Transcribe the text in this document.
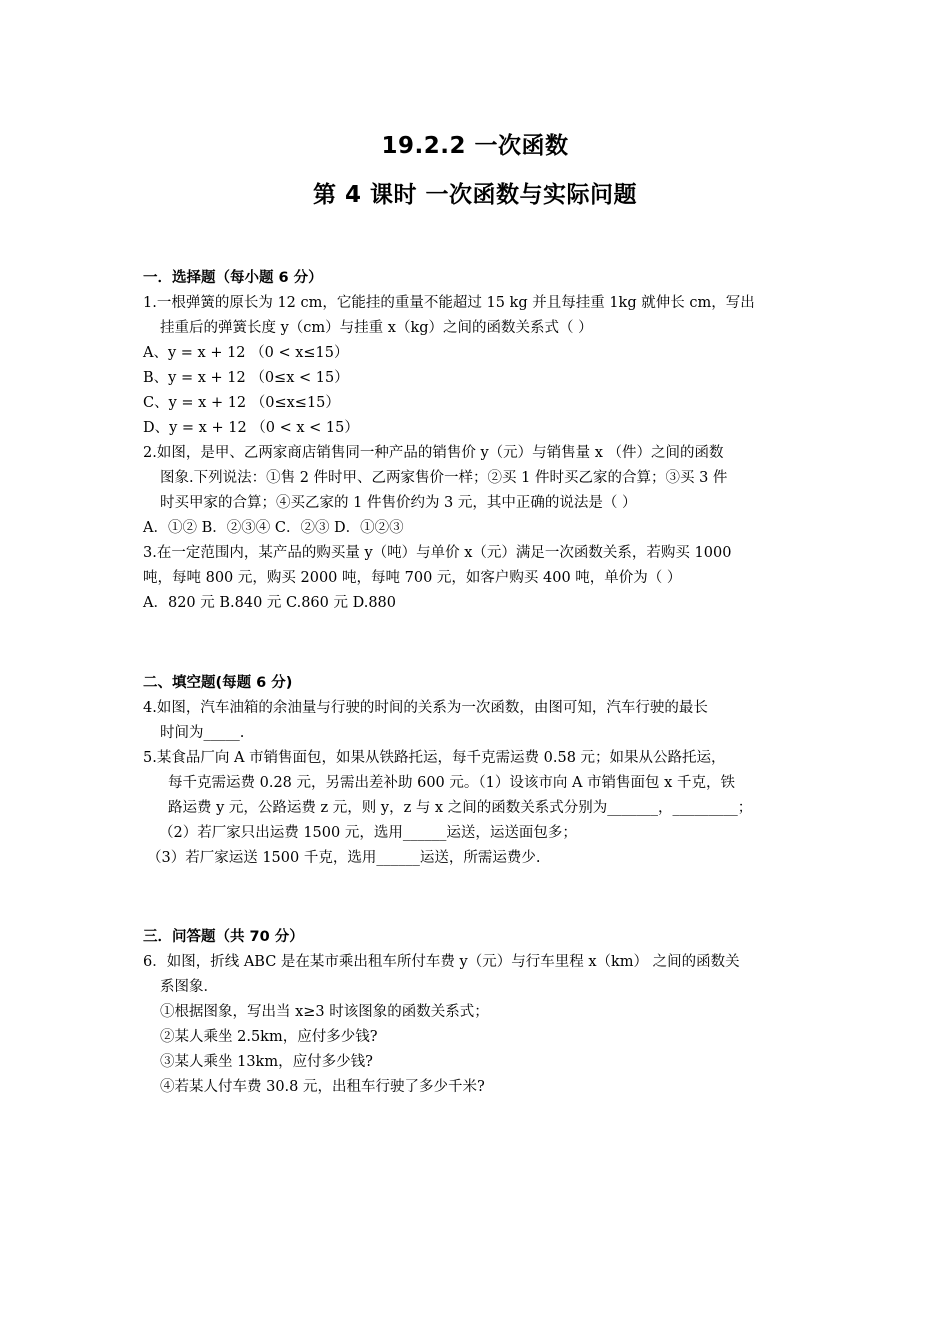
19.2.2 一次函数
第 4 课时 一次函数与实际问题
一．选择题（每小题 6 分）
1.一根弹簧的原长为 12 cm，它能挂的重量不能超过 15 kg 并且每挂重 1kg 就伸长 cm，写出
挂重后的弹簧长度 y（cm）与挂重 x（kg）之间的函数关系式（ ）
A、y = x + 12 （0 < x≤15）
B、y = x + 12 （0≤x < 15）
C、y = x + 12 （0≤x≤15）
D、y = x + 12 （0 < x < 15）
2.如图，是甲、乙两家商店销售同一种产品的销售价 y（元）与销售量 x （件）之间的函数
图象.下列说法：①售 2 件时甲、乙两家售价一样；②买 1 件时买乙家的合算；③买 3 件
时买甲家的合算；④买乙家的 1 件售价约为 3 元，其中正确的说法是（ ）
A．①② B．②③④ C．②③ D．①②③
3.在一定范围内，某产品的购买量 y（吨）与单价 x（元）满足一次函数关系，若购买 1000
吨，每吨 800 元，购买 2000 吨，每吨 700 元，如客户购买 400 吨，单价为（ ）
A．820 元 B.840 元 C.860 元 D.880
二、填空题(每题 6 分)
4.如图，汽车油箱的余油量与行驶的时间的关系为一次函数，由图可知，汽车行驶的最长
时间为_____.
5.某食品厂向 A 市销售面包，如果从铁路托运，每千克需运费 0.58 元；如果从公路托运，
每千克需运费 0.28 元，另需出差补助 600 元。（1）设该市向 A 市销售面包 x 千克，铁
路运费 y 元，公路运费 z 元，则 y，z 与 x 之间的函数关系式分别为_______，_________；
（2）若厂家只出运费 1500 元，选用______运送，运送面包多；
（3）若厂家运送 1500 千克，选用______运送，所需运费少.
三．问答题（共 70 分）
6．如图，折线 ABC 是在某市乘出租车所付车费 y（元）与行车里程 x（km） 之间的函数关
系图象．
①根据图象，写出当 x≥3 时该图象的函数关系式；
②某人乘坐 2.5km，应付多少钱?
③某人乘坐 13km，应付多少钱?
④若某人付车费 30.8 元，出租车行驶了多少千米?
